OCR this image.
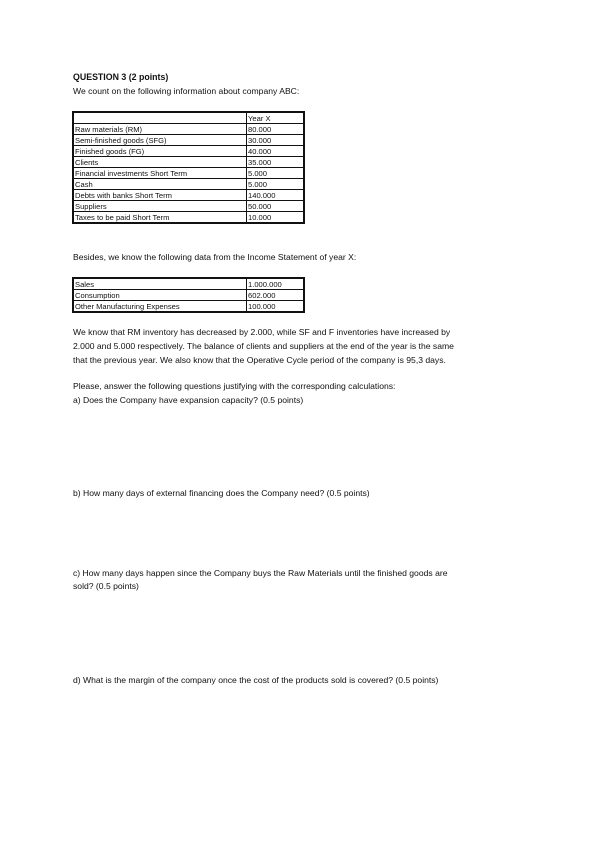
QUESTION 3 (2 points)
We count on the following information about company ABC:
	Year X
Raw materials (RM)	80.000
Semi-finished goods (SFG)	30.000
Finished goods (FG)	40.000
Clients	35.000
Financial investments Short Term	5.000
Cash	5.000
Debts with banks Short Term	140.000
Suppliers	50.000
Taxes to be paid Short Term	10.000
Besides, we know the following data from the Income Statement of year X:
Sales	1.000.000
Consumption	602.000
Other Manufacturing Expenses	100.000
We know that RM inventory has decreased by 2.000, while SF and F inventories have increased by
2.000 and 5.000 respectively. The balance of clients and suppliers at the end of the year is the same
that the previous year. We also know that the Operative Cycle period of the company is 95,3 days.
Please, answer the following questions justifying with the corresponding calculations:
a) Does the Company have expansion capacity? (0.5 points)
b) How many days of external financing does the Company need? (0.5 points)
c) How many days happen since the Company buys the Raw Materials until the finished goods are
sold? (0.5 points)
d) What is the margin of the company once the cost of the products sold is covered? (0.5 points)
